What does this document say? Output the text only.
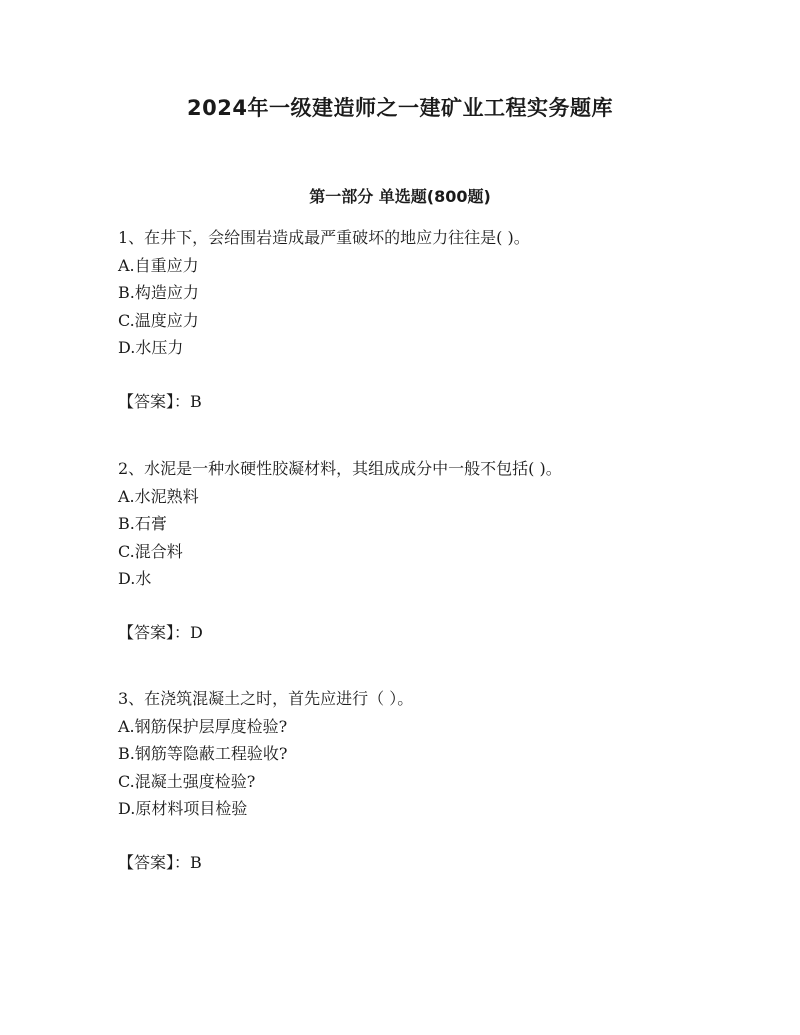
2024年一级建造师之一建矿业工程实务题库
第一部分 单选题(800题)

1、在井下，会给围岩造成最严重破坏的地应力往往是( )。

A.自重应力

B.构造应力

C.温度应力

D.水压力

【答案】：B

2、水泥是一种水硬性胶凝材料，其组成成分中一般不包括( )。

A.水泥熟料

B.石膏

C.混合料

D.水

【答案】：D

3、在浇筑混凝土之时，首先应进行（ ）。

A.钢筋保护层厚度检验?

B.钢筋等隐蔽工程验收?

C.混凝土强度检验?

D.原材料项目检验

【答案】：B
